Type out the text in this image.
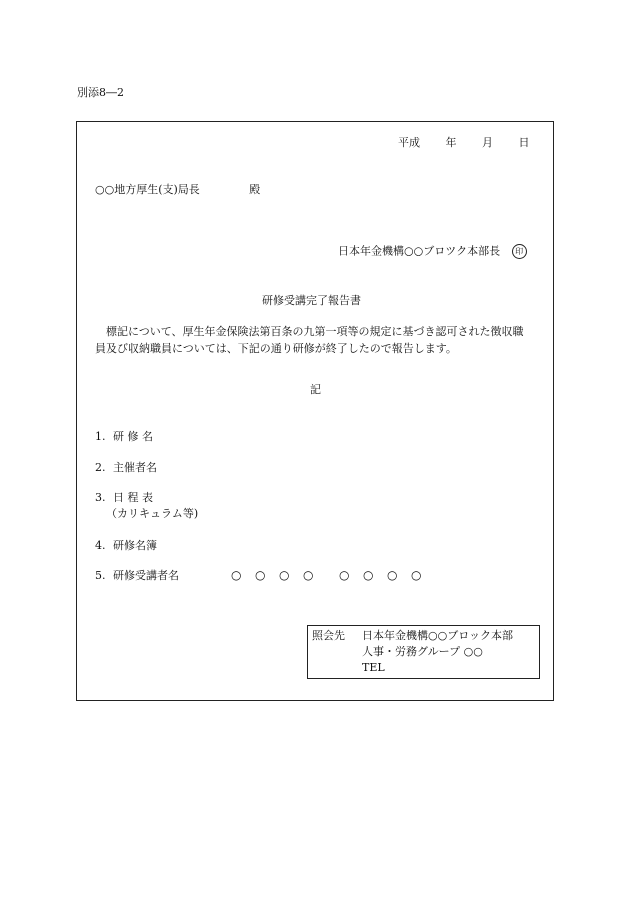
別添8―2
平成 年 月 日
○○地方厚生(支)局長	殿
日本年金機構○○ブロツク本部長 印
研修受講完了報告書
標記について、厚生年金保険法第百条の九第一項等の規定に基づき認可された徴収職員及び収納職員については、下記の通り研修が終了したので報告します。
記
1. 研 修 名
2. 主催者名
3. 日 程 表
（カリキュラム等)
4. 研修名簿
5. 研修受講者名	○ ○ ○ ○ ○ ○ ○ ○
照会先 日本年金機構○○ブロック本部
人事・労務グループ ○○
TEL
